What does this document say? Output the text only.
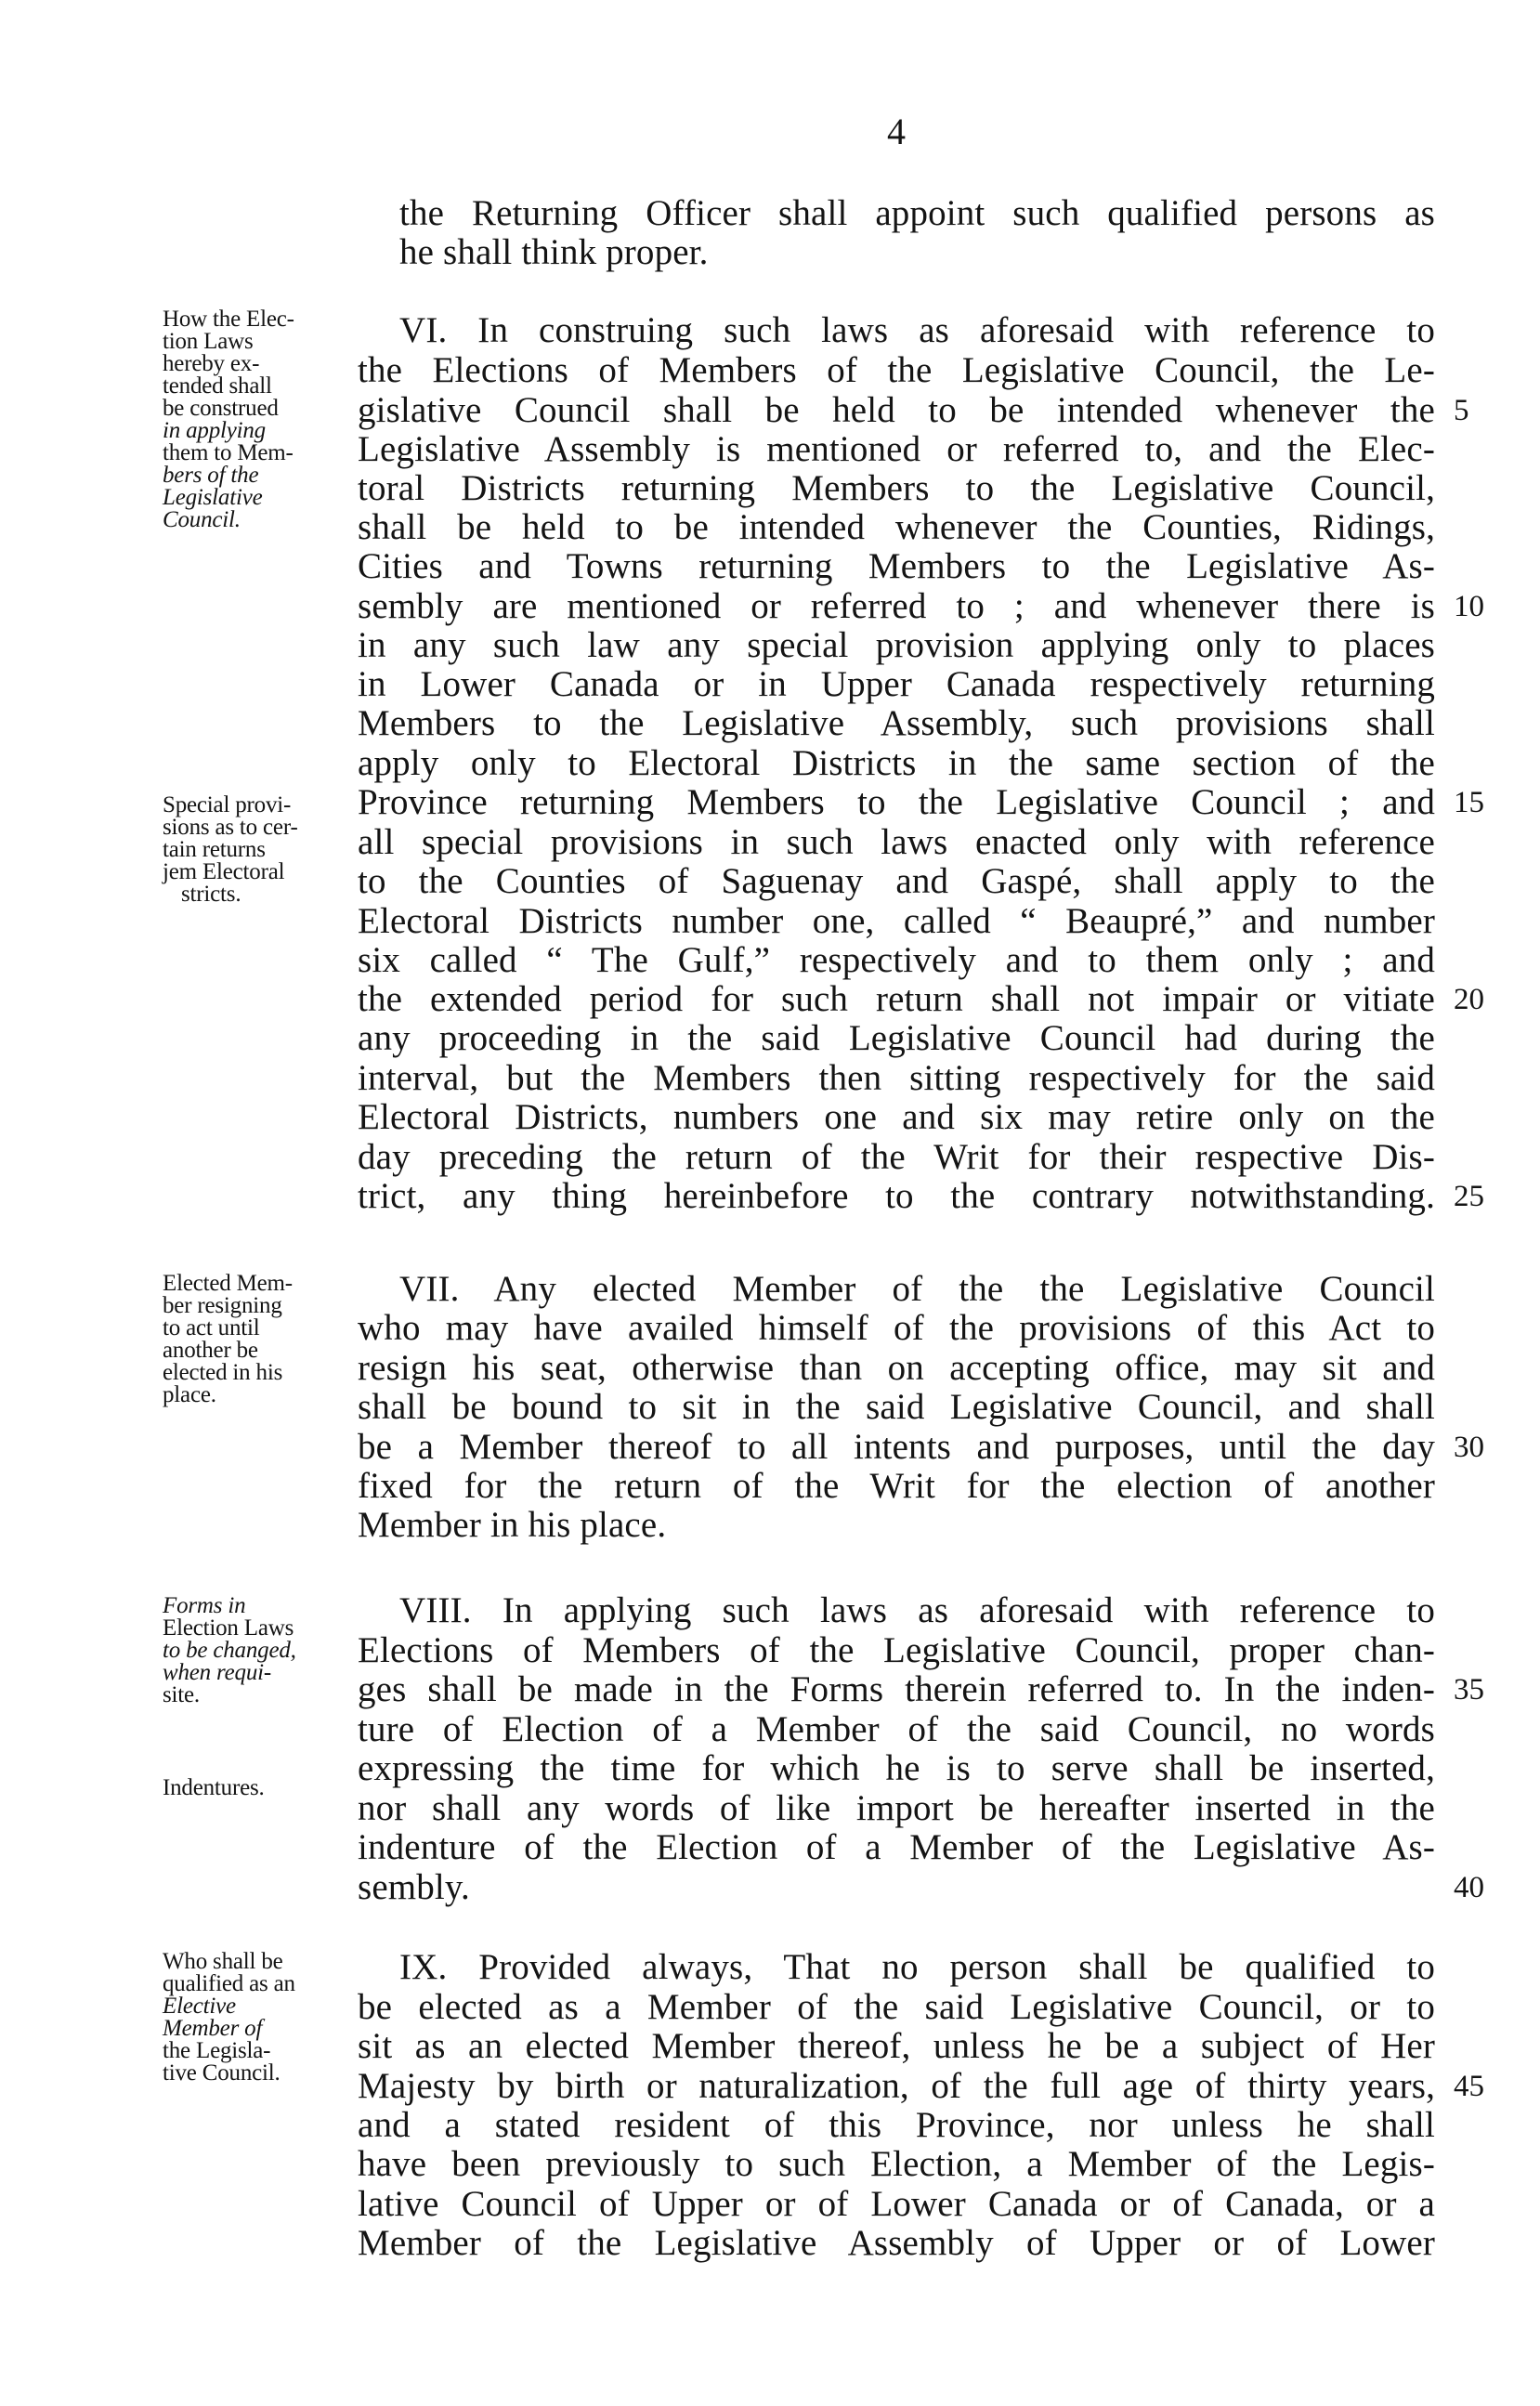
4
the Returning Officer shall appoint such qualified persons as
he shall think proper.
VI. In construing such laws as aforesaid with reference to
the Elections of Members of the Legislative Council, the Le-
gislative Council shall be held to be intended whenever the
Legislative Assembly is mentioned or referred to, and the Elec-
toral Districts returning Members to the Legislative Council,
shall be held to be intended whenever the Counties, Ridings,
Cities and Towns returning Members to the Legislative As-
sembly are mentioned or referred to ; and whenever there is
in any such law any special provision applying only to places
in Lower Canada or in Upper Canada respectively returning
Members to the Legislative Assembly, such provisions shall
apply only to Electoral Districts in the same section of the
Province returning Members to the Legislative Council ; and
all special provisions in such laws enacted only with reference
to the Counties of Saguenay and Gaspé, shall apply to the
Electoral Districts number one, called “ Beaupré,” and number
six called “ The Gulf,” respectively and to them only ; and
the extended period for such return shall not impair or vitiate
any proceeding in the said Legislative Council had during the
interval, but the Members then sitting respectively for the said
Electoral Districts, numbers one and six may retire only on the
day preceding the return of the Writ for their respective Dis-
trict, any thing hereinbefore to the contrary notwithstanding.
VII. Any elected Member of the the Legislative Council
who may have availed himself of the provisions of this Act to
resign his seat, otherwise than on accepting office, may sit and
shall be bound to sit in the said Legislative Council, and shall
be a Member thereof to all intents and purposes, until the day
fixed for the return of the Writ for the election of another
Member in his place.
VIII. In applying such laws as aforesaid with reference to
Elections of Members of the Legislative Council, proper chan-
ges shall be made in the Forms therein referred to. In the inden-
ture of Election of a Member of the said Council, no words
expressing the time for which he is to serve shall be inserted,
nor shall any words of like import be hereafter inserted in the
indenture of the Election of a Member of the Legislative As-
sembly.
IX. Provided always, That no person shall be qualified to
be elected as a Member of the said Legislative Council, or to
sit as an elected Member thereof, unless he be a subject of Her
Majesty by birth or naturalization, of the full age of thirty years,
and a stated resident of this Province, nor unless he shall
have been previously to such Election, a Member of the Legis-
lative Council of Upper or of Lower Canada or of Canada, or a
Member of the Legislative Assembly of Upper or of Lower
5
10
15
20
25
30
35
40
45
How the Elec-
tion Laws
hereby ex-
tended shall
be construed
in applying
them to Mem-
bers of the
Legislative
Council.
Special provi-
sions as to cer-
tain returns
jem Electoral
stricts.
Elected Mem-
ber resigning
to act until
another be
elected in his
place.
Forms in
Election Laws
to be changed,
when requi-
site.
Indentures.
Who shall be
qualified as an
Elective
Member of
the Legisla-
tive Council.
